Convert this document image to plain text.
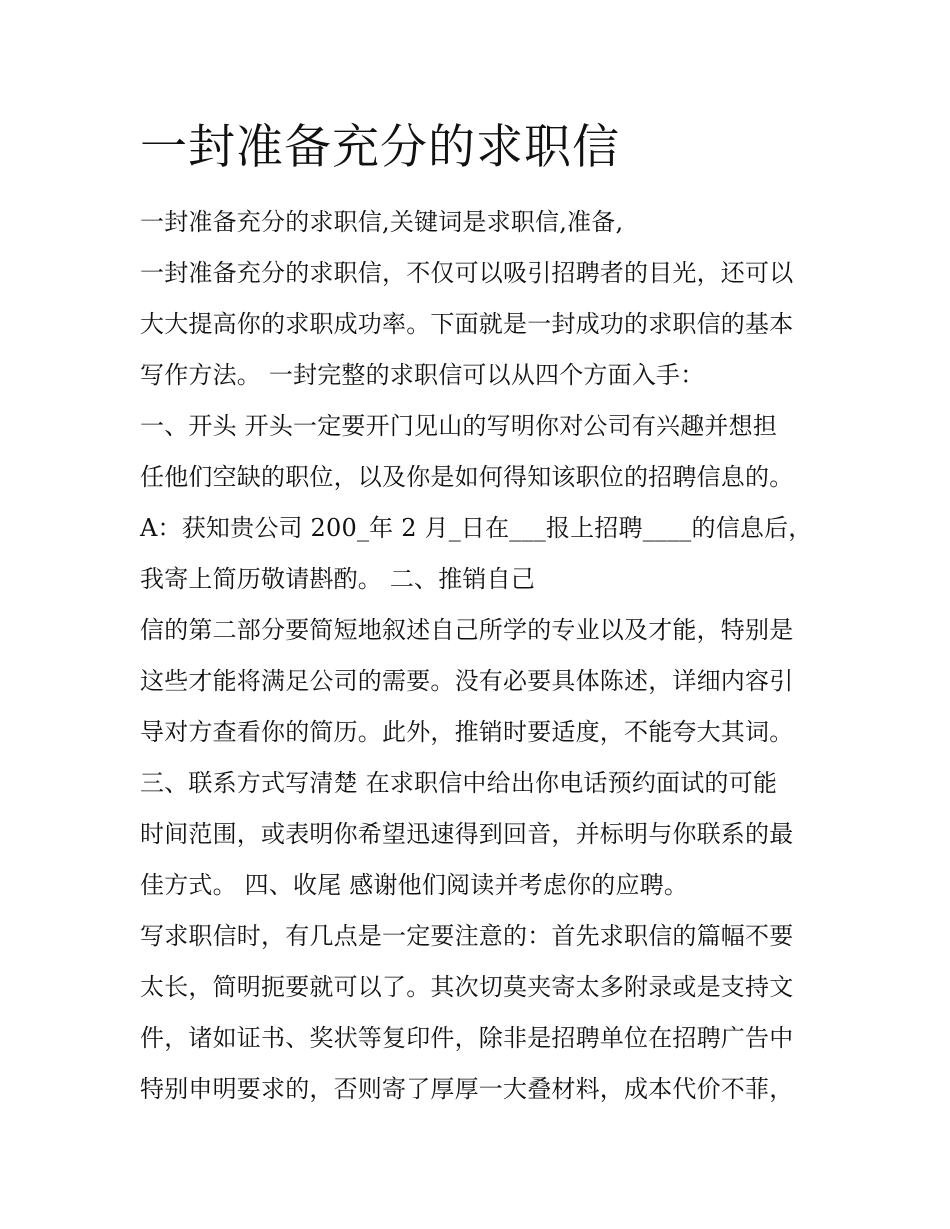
一封准备充分的求职信
一封准备充分的求职信,关键词是求职信,准备,
一封准备充分的求职信，不仅可以吸引招聘者的目光，还可以
大大提高你的求职成功率。下面就是一封成功的求职信的基本
写作方法。 一封完整的求职信可以从四个方面入手：
一、开头 开头一定要开门见山的写明你对公司有兴趣并想担
任他们空缺的职位，以及你是如何得知该职位的招聘信息的。
A：获知贵公司 200_年 2 月_日在___报上招聘____的信息后，
我寄上简历敬请斟酌。 二、推销自己
信的第二部分要简短地叙述自己所学的专业以及才能，特别是
这些才能将满足公司的需要。没有必要具体陈述，详细内容引
导对方查看你的简历。此外，推销时要适度，不能夸大其词。
三、联系方式写清楚 在求职信中给出你电话预约面试的可能
时间范围，或表明你希望迅速得到回音，并标明与你联系的最
佳方式。 四、收尾 感谢他们阅读并考虑你的应聘。
写求职信时，有几点是一定要注意的：首先求职信的篇幅不要
太长，简明扼要就可以了。其次切莫夹寄太多附录或是支持文
件，诸如证书、奖状等复印件，除非是招聘单位在招聘广告中
特别申明要求的，否则寄了厚厚一大叠材料，成本代价不菲，
